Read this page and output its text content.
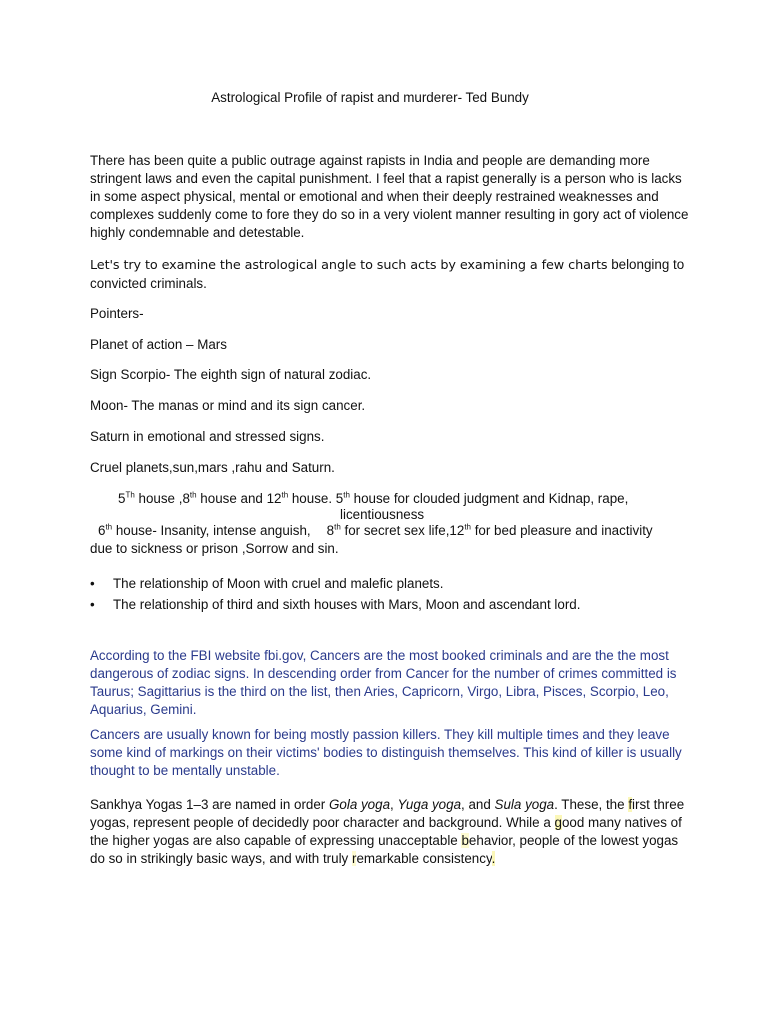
Astrological Profile of rapist and murderer- Ted Bundy

There has been quite a public outrage against rapists in India and people are demanding more stringent laws and even the capital punishment. I feel that a rapist generally is a person who is lacks in some aspect physical, mental or emotional and when their deeply restrained weaknesses and complexes suddenly come to fore they do so in a very violent manner resulting in gory act of violence highly condemnable and detestable.

Let's try to examine the astrological angle to such acts by examining a few charts belonging to convicted criminals.

Pointers-

Planet of action – Mars

Sign Scorpio- The eighth sign of natural zodiac.

Moon- The manas or mind and its sign cancer.

Saturn in emotional and stressed signs.

Cruel planets,sun,mars ,rahu and Saturn.

5Th house ,8th house and 12th house. 5th house for clouded judgment and Kidnap, rape,

licentiousness

6th house- Insanity, intense anguish, 8th for secret sex life,12th for bed pleasure and inactivity

due to sickness or prison ,Sorrow and sin.

• The relationship of Moon with cruel and malefic planets.
• The relationship of third and sixth houses with Mars, Moon and ascendant lord.

According to the FBI website fbi.gov, Cancers are the most booked criminals and are the the most dangerous of zodiac signs. In descending order from Cancer for the number of crimes committed is Taurus; Sagittarius is the third on the list, then Aries, Capricorn, Virgo, Libra, Pisces, Scorpio, Leo, Aquarius, Gemini.

Cancers are usually known for being mostly passion killers. They kill multiple times and they leave some kind of markings on their victims' bodies to distinguish themselves. This kind of killer is usually thought to be mentally unstable.

Sankhya Yogas 1–3 are named in order Gola yoga, Yuga yoga, and Sula yoga. These, the first three yogas, represent people of decidedly poor character and background. While a good many natives of the higher yogas are also capable of expressing unacceptable behavior, people of the lowest yogas do so in strikingly basic ways, and with truly remarkable consistency.
